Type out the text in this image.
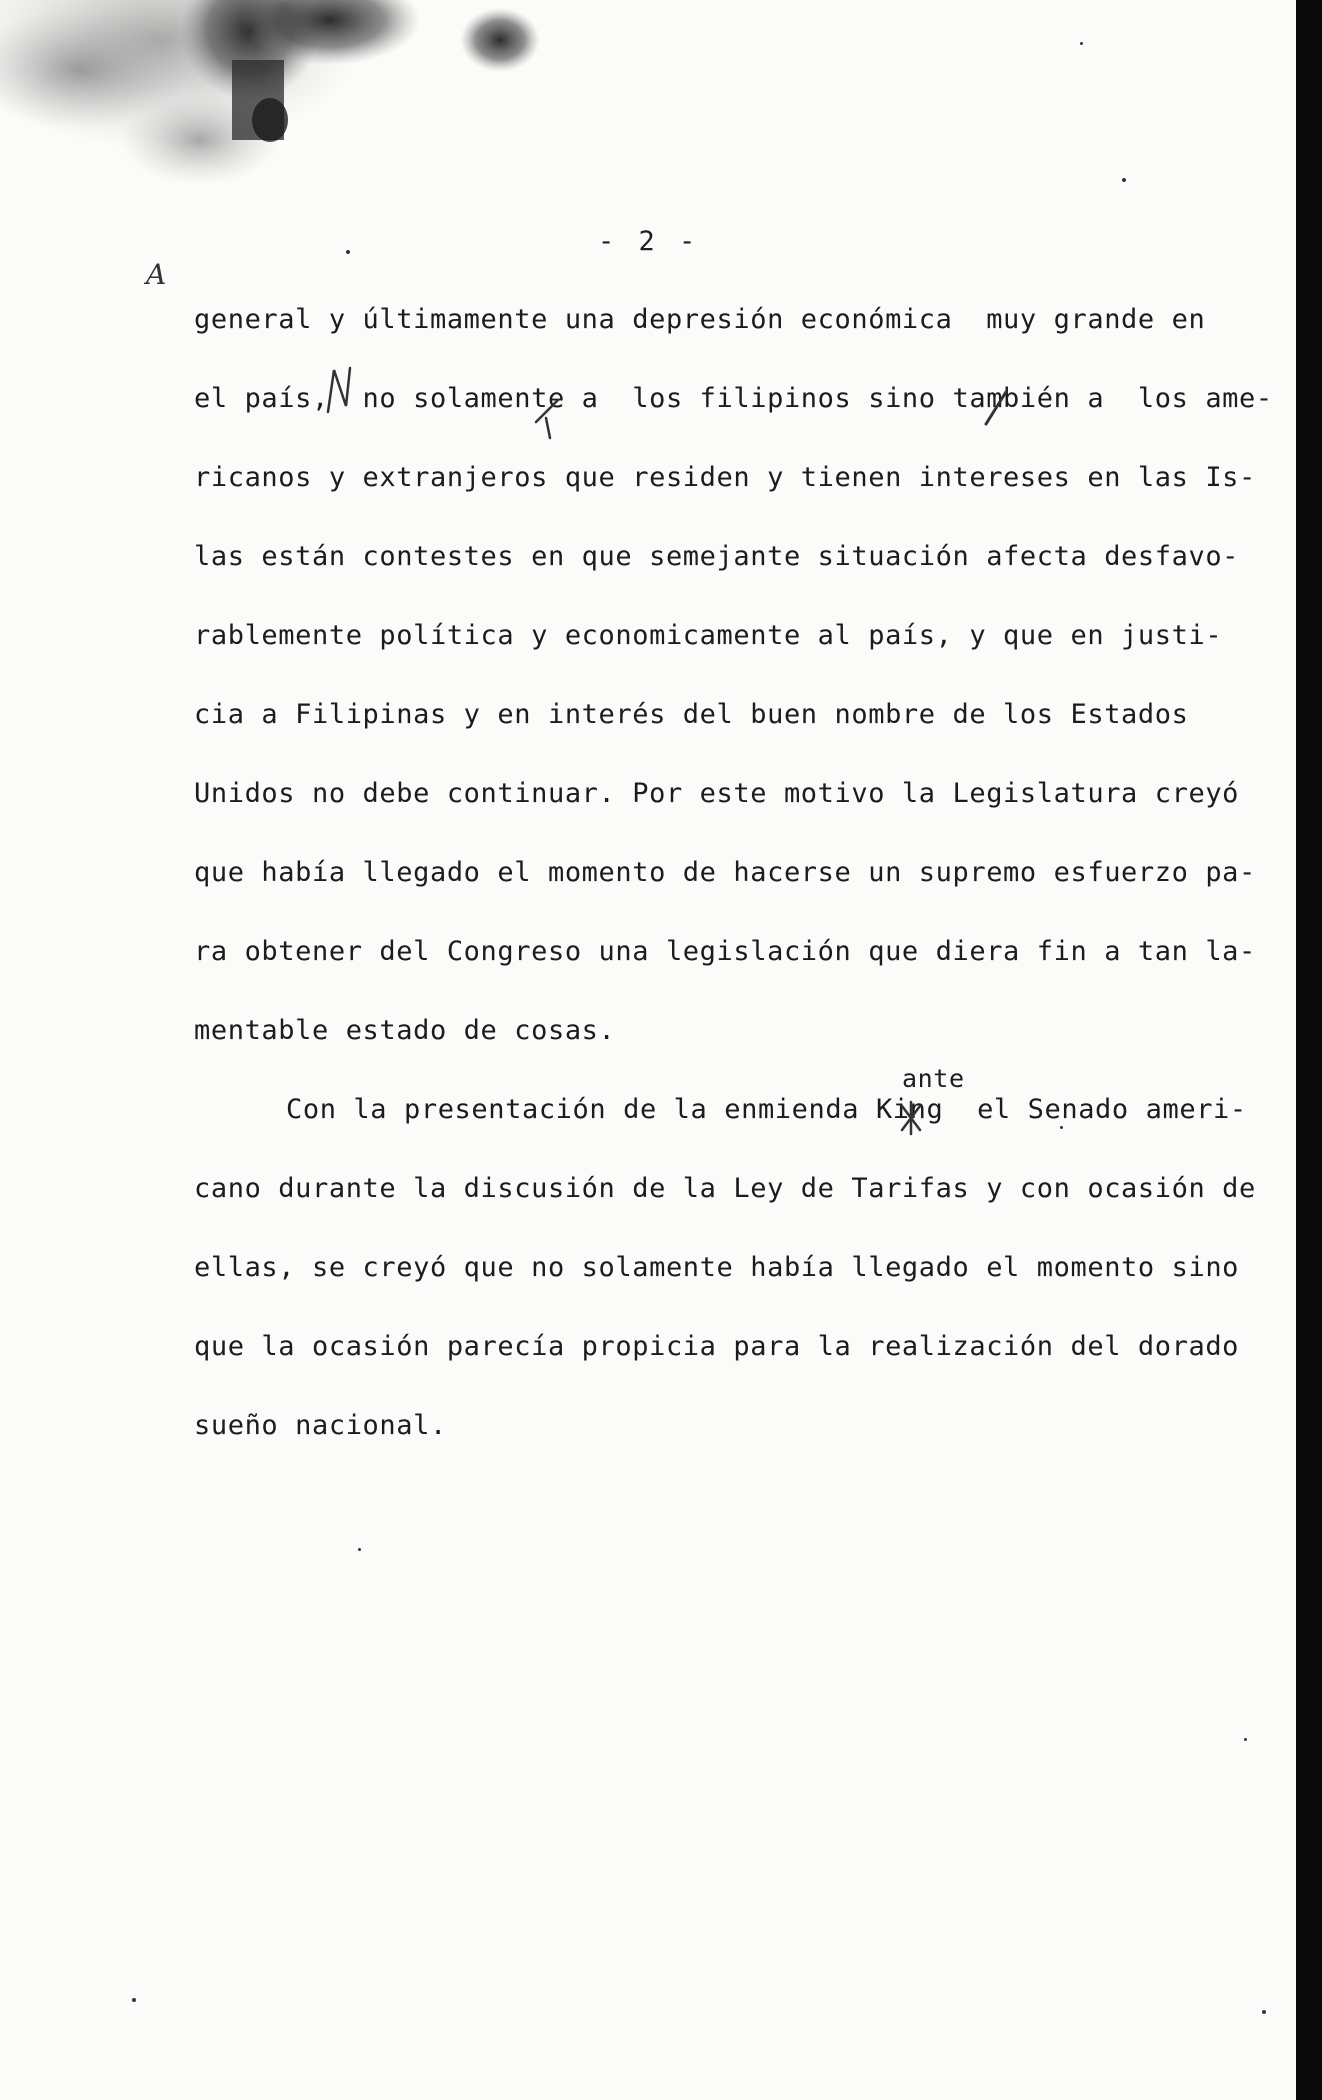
- 2 -
A
general y últimamente una depresión económica  muy grande en
el país,  no solamente a  los filipinos sino también a  los ame-
ricanos y extranjeros que residen y tienen intereses en las Is-
las están contestes en que semejante situación afecta desfavo-
rablemente política y economicamente al país, y que en justi-
cia a Filipinas y en interés del buen nombre de los Estados
Unidos no debe continuar. Por este motivo la Legislatura creyó
que había llegado el momento de hacerse un supremo esfuerzo pa-
ra obtener del Congreso una legislación que diera fin a tan la-
mentable estado de cosas.
Con la presentación de la enmienda King  el Senado ameri-
cano durante la discusión de la Ley de Tarifas y con ocasión de
ellas, se creyó que no solamente había llegado el momento sino
que la ocasión parecía propicia para la realización del dorado
sueño nacional.
ante
